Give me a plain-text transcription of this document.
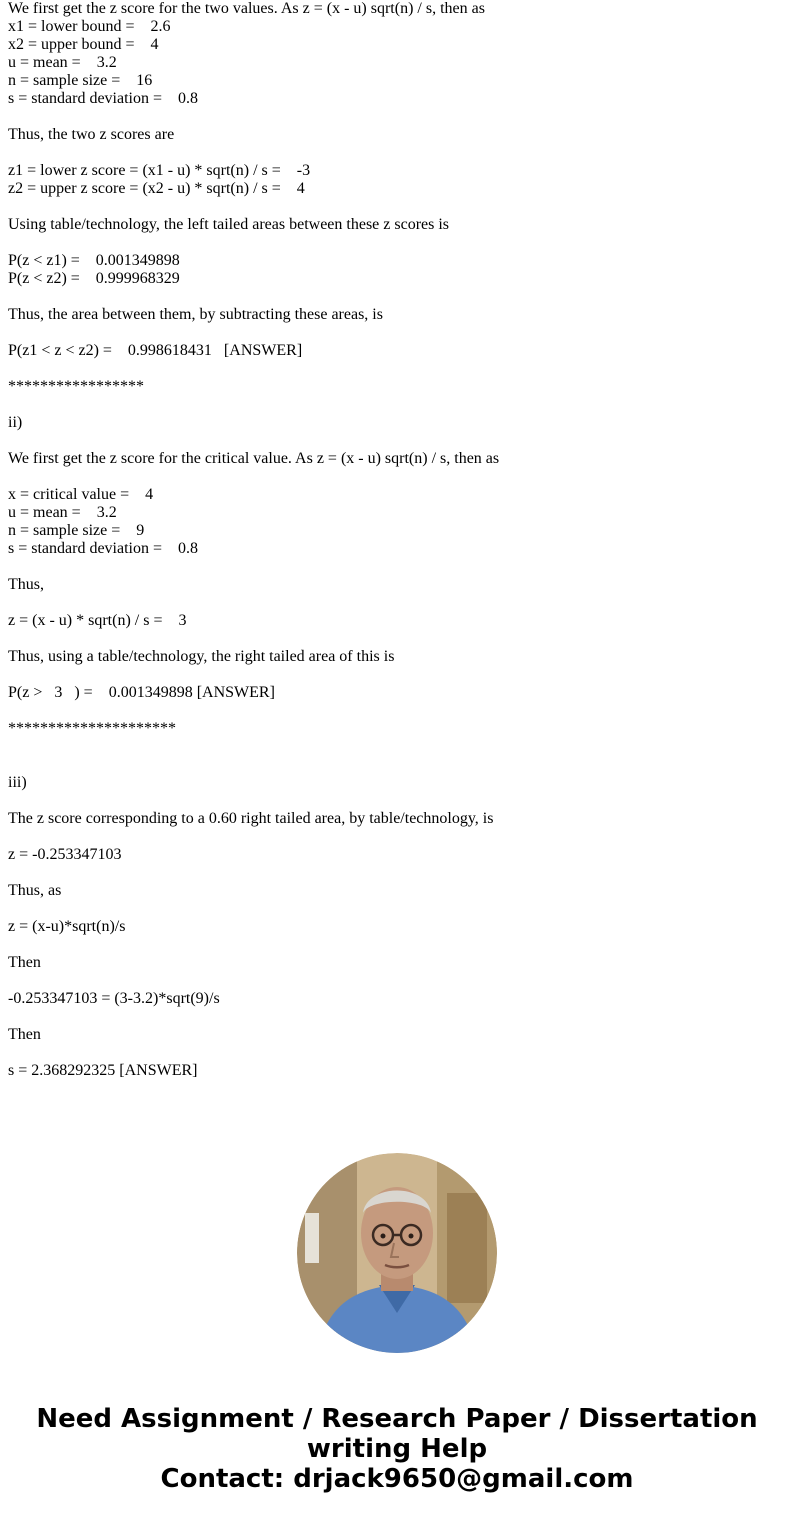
We first get the z score for the two values. As z = (x - u) sqrt(n) / s, then as
x1 = lower bound =    2.6
x2 = upper bound =    4
u = mean =    3.2
n = sample size =    16
s = standard deviation =    0.8
Thus, the two z scores are
z1 = lower z score = (x1 - u) * sqrt(n) / s =    -3
z2 = upper z score = (x2 - u) * sqrt(n) / s =    4
Using table/technology, the left tailed areas between these z scores is
P(z < z1) =    0.001349898
P(z < z2) =    0.999968329
Thus, the area between them, by subtracting these areas, is
P(z1 < z < z2) =    0.998618431   [ANSWER]
*****************
ii)
We first get the z score for the critical value. As z = (x - u) sqrt(n) / s, then as
x = critical value =    4
u = mean =    3.2
n = sample size =    9
s = standard deviation =    0.8
Thus,
z = (x - u) * sqrt(n) / s =    3
Thus, using a table/technology, the right tailed area of this is
P(z >   3   ) =    0.001349898 [ANSWER]
*********************
iii)
The z score corresponding to a 0.60 right tailed area, by table/technology, is
z = -0.253347103
Thus, as
z = (x-u)*sqrt(n)/s
Then
-0.253347103 = (3-3.2)*sqrt(9)/s
Then
s = 2.368292325 [ANSWER]
Need Assignment / Research Paper / Dissertation
writing Help
Contact: drjack9650@gmail.com
